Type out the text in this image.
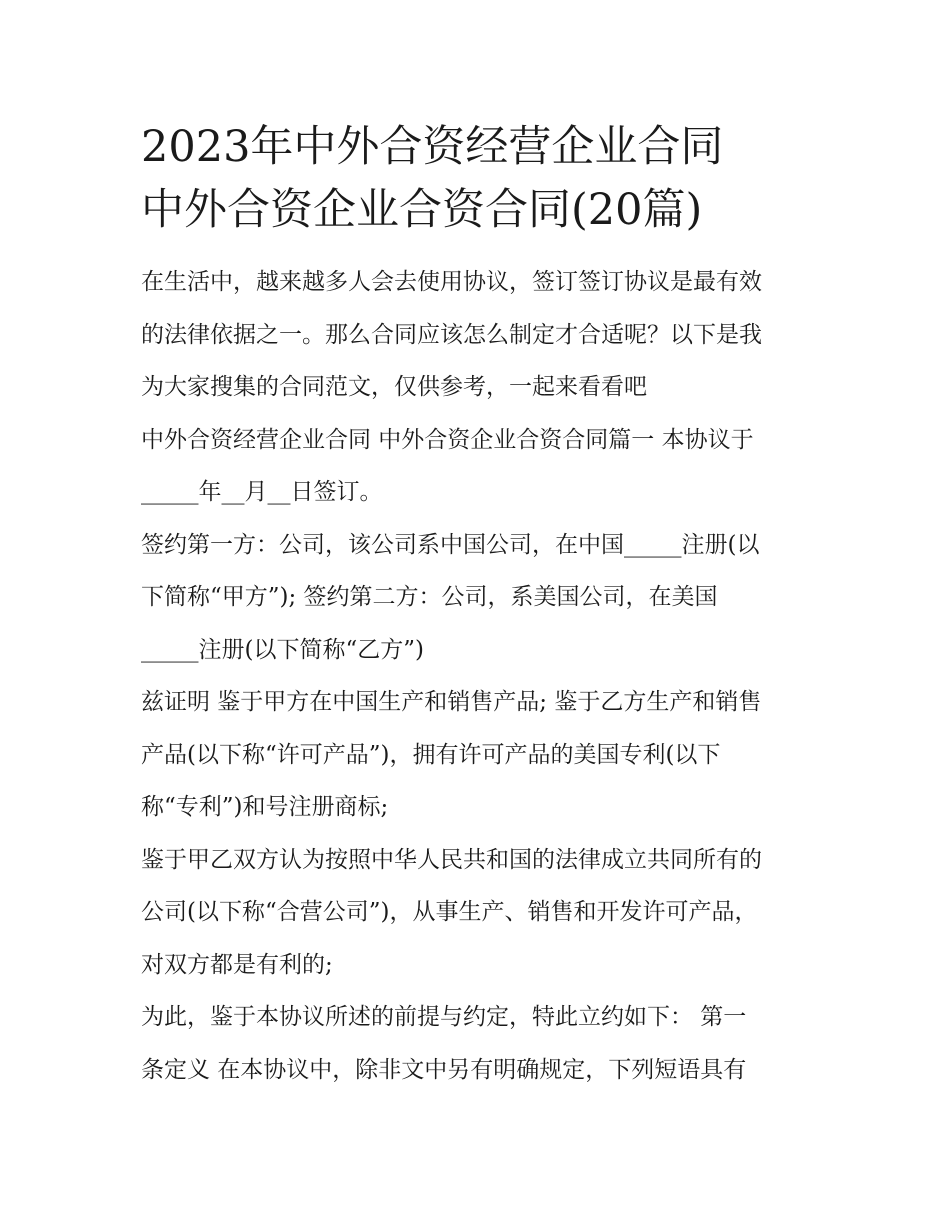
2023年中外合资经营企业合同
中外合资企业合资合同(20篇)

在生活中，越来越多人会去使用协议，签订签订协议是最有效
的法律依据之一。那么合同应该怎么制定才合适呢？以下是我
为大家搜集的合同范文，仅供参考，一起来看看吧

中外合资经营企业合同 中外合资企业合资合同篇一 本协议于
_____年__月__日签订。

签约第一方：公司，该公司系中国公司，在中国_____注册(以
下简称“甲方”); 签约第二方：公司，系美国公司，在美国
_____注册(以下简称“乙方”)

兹证明 鉴于甲方在中国生产和销售产品; 鉴于乙方生产和销售
产品(以下称“许可产品”)，拥有许可产品的美国专利(以下
称“专利”)和号注册商标;

鉴于甲乙双方认为按照中华人民共和国的法律成立共同所有的
公司(以下称“合营公司”)，从事生产、销售和开发许可产品，
对双方都是有利的;

为此，鉴于本协议所述的前提与约定，特此立约如下： 第一
条定义 在本协议中，除非文中另有明确规定，下列短语具有
